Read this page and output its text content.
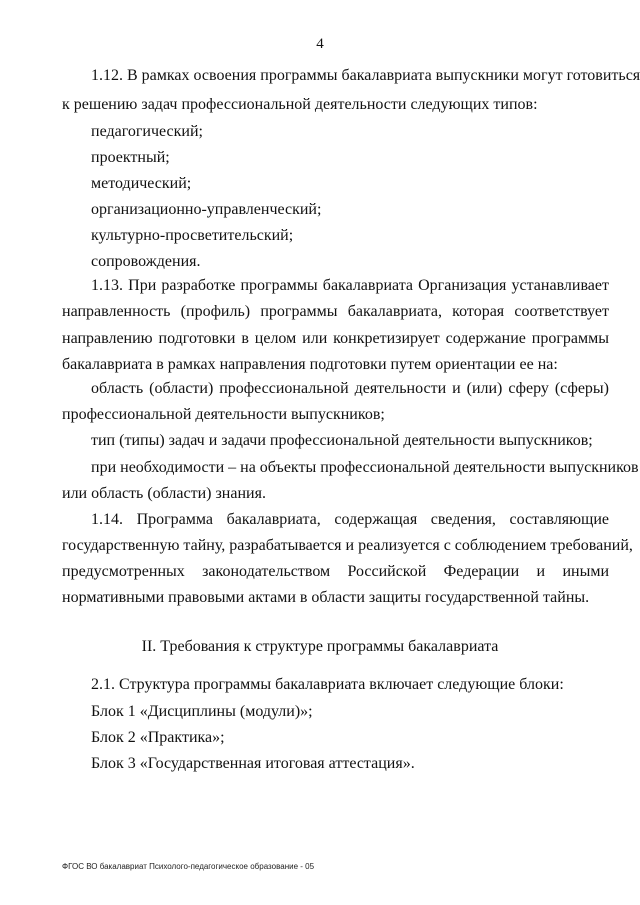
4
1.12. В рамках освоения программы бакалавриата выпускники могут готовиться
к решению задач профессиональной деятельности следующих типов:
педагогический;
проектный;
методический;
организационно-управленческий;
культурно-просветительский;
сопровождения.
1.13. При разработке программы бакалавриата Организация устанавливает
направленность (профиль) программы бакалавриата, которая соответствует
направлению подготовки в целом или конкретизирует содержание программы
бакалавриата в рамках направления подготовки путем ориентации ее на:
область (области) профессиональной деятельности и (или) сферу (сферы)
профессиональной деятельности выпускников;
тип (типы) задач и задачи профессиональной деятельности выпускников;
при необходимости – на объекты профессиональной деятельности выпускников
или область (области) знания.
1.14. Программа бакалавриата, содержащая сведения, составляющие
государственную тайну, разрабатывается и реализуется с соблюдением требований,
предусмотренных законодательством Российской Федерации и иными
нормативными правовыми актами в области защиты государственной тайны.
II. Требования к структуре программы бакалавриата
2.1. Структура программы бакалавриата включает следующие блоки:
Блок 1 «Дисциплины (модули)»;
Блок 2 «Практика»;
Блок 3 «Государственная итоговая аттестация».
ФГОС ВО бакалавриат Психолого-педагогическое образование - 05
